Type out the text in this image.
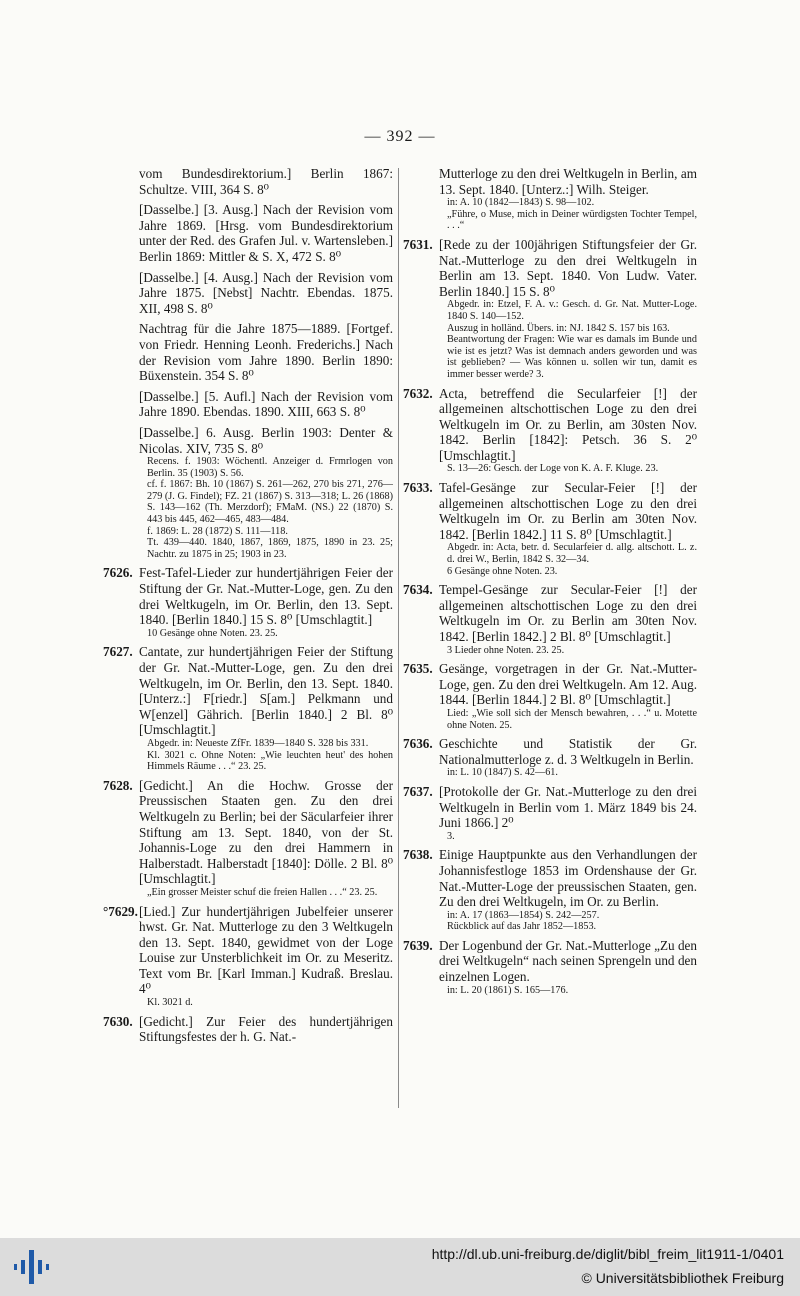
— 392 —
vom Bundesdirektorium.] Berlin 1867: Schultze. VIII, 364 S. 8⁰
[Dasselbe.] [3. Ausg.] Nach der Revision vom Jahre 1869. [Hrsg. vom Bundesdirektorium unter der Red. des Grafen Jul. v. Wartensleben.] Berlin 1869: Mittler & S. X, 472 S. 8⁰
[Dasselbe.] [4. Ausg.] Nach der Revision vom Jahre 1875. [Nebst] Nachtr. Ebendas. 1875. XII, 498 S. 8⁰
Nachtrag für die Jahre 1875—1889. [Fortgef. von Friedr. Henning Leonh. Frederichs.] Nach der Revision vom Jahre 1890. Berlin 1890: Büxenstein. 354 S. 8⁰
[Dasselbe.] [5. Aufl.] Nach der Revision vom Jahre 1890. Ebendas. 1890. XIII, 663 S. 8⁰
[Dasselbe.] 6. Ausg. Berlin 1903: Denter & Nicolas. XIV, 735 S. 8⁰
Recens. f. 1903: Wöchentl. Anzeiger d. Frmrlogen von Berlin. 35 (1903) S. 56.
cf. f. 1867: Bh. 10 (1867) S. 261—262, 270 bis 271, 276—279 (J. G. Findel); FZ. 21 (1867) S. 313—318; L. 26 (1868) S. 143—162 (Th. Merzdorf); FMaM. (NS.) 22 (1870) S. 443 bis 445, 462—465, 483—484.
f. 1869: L. 28 (1872) S. 111—118.
Tt. 439—440. 1840, 1867, 1869, 1875, 1890 in 23. 25; Nachtr. zu 1875 in 25; 1903 in 23.
7626. Fest-Tafel-Lieder zur hundertjährigen Feier der Stiftung der Gr. Nat.-Mutter-Loge, gen. Zu den drei Weltkugeln, im Or. Berlin, den 13. Sept. 1840. [Berlin 1840.] 15 S. 8⁰ [Umschlagtit.]
10 Gesänge ohne Noten. 23. 25.
7627. Cantate, zur hundertjährigen Feier der Stiftung der Gr. Nat.-Mutter-Loge, gen. Zu den drei Weltkugeln, im Or. Berlin, den 13. Sept. 1840. [Unterz.:] F[riedr.] S[am.] Pelkmann und W[enzel] Gährich. [Berlin 1840.] 2 Bl. 8⁰ [Umschlagtit.]
Abgedr. in: Neueste ZfFr. 1839—1840 S. 328 bis 331.
Kl. 3021 c. Ohne Noten: „Wie leuchten heut' des hohen Himmels Räume . . .“ 23. 25.
7628. [Gedicht.] An die Hochw. Grosse der Preussischen Staaten gen. Zu den drei Weltkugeln zu Berlin; bei der Säcularfeier ihrer Stiftung am 13. Sept. 1840, von der St. Johannis-Loge zu den drei Hammern in Halberstadt. Halberstadt [1840]: Dölle. 2 Bl. 8⁰ [Umschlagtit.]
„Ein grosser Meister schuf die freien Hallen . . .“ 23. 25.
°7629. [Lied.] Zur hundertjährigen Jubelfeier unserer hwst. Gr. Nat. Mutterloge zu den 3 Weltkugeln den 13. Sept. 1840, gewidmet von der Loge Louise zur Unsterblichkeit im Or. zu Meseritz. Text vom Br. [Karl Imman.] Kudraß. Breslau. 4⁰
Kl. 3021 d.
7630. [Gedicht.] Zur Feier des hundertjährigen Stiftungsfestes der h. G. Nat.-
Mutterloge zu den drei Weltkugeln in Berlin, am 13. Sept. 1840. [Unterz.:] Wilh. Steiger.
in: A. 10 (1842—1843) S. 98—102.
„Führe, o Muse, mich in Deiner würdigsten Tochter Tempel, . . .“
7631. [Rede zu der 100jährigen Stiftungsfeier der Gr. Nat.-Mutterloge zu den drei Weltkugeln in Berlin am 13. Sept. 1840. Von Ludw. Vater. Berlin 1840.] 15 S. 8⁰
Abgedr. in: Etzel, F. A. v.: Gesch. d. Gr. Nat. Mutter-Loge. 1840 S. 140—152.
Auszug in holländ. Übers. in: NJ. 1842 S. 157 bis 163.
Beantwortung der Fragen: Wie war es damals im Bunde und wie ist es jetzt? Was ist demnach anders geworden und was ist geblieben? — Was können u. sollen wir tun, damit es immer besser werde? 3.
7632. Acta, betreffend die Secularfeier [!] der allgemeinen altschottischen Loge zu den drei Weltkugeln im Or. zu Berlin, am 30sten Nov. 1842. Berlin [1842]: Petsch. 36 S. 2⁰ [Umschlagtit.]
S. 13—26: Gesch. der Loge von K. A. F. Kluge. 23.
7633. Tafel-Gesänge zur Secular-Feier [!] der allgemeinen altschottischen Loge zu den drei Weltkugeln im Or. zu Berlin am 30ten Nov. 1842. [Berlin 1842.] 11 S. 8⁰ [Umschlagtit.]
Abgedr. in: Acta, betr. d. Secularfeier d. allg. altschott. L. z. d. drei W., Berlin, 1842 S. 32—34.
6 Gesänge ohne Noten. 23.
7634. Tempel-Gesänge zur Secular-Feier [!] der allgemeinen altschottischen Loge zu den drei Weltkugeln im Or. zu Berlin am 30ten Nov. 1842. [Berlin 1842.] 2 Bl. 8⁰ [Umschlagtit.]
3 Lieder ohne Noten. 23. 25.
7635. Gesänge, vorgetragen in der Gr. Nat.-Mutter-Loge, gen. Zu den drei Weltkugeln. Am 12. Aug. 1844. [Berlin 1844.] 2 Bl. 8⁰ [Umschlagtit.]
Lied: „Wie soll sich der Mensch bewahren, . . .“ u. Motette ohne Noten. 25.
7636. Geschichte und Statistik der Gr. Nationalmutterloge z. d. 3 Weltkugeln in Berlin.
in: L. 10 (1847) S. 42—61.
7637. [Protokolle der Gr. Nat.-Mutterloge zu den drei Weltkugeln in Berlin vom 1. März 1849 bis 24. Juni 1866.] 2⁰
3.
7638. Einige Hauptpunkte aus den Verhandlungen der Johannisfestloge 1853 im Ordenshause der Gr. Nat.-Mutter-Loge der preussischen Staaten, gen. Zu den drei Weltkugeln, im Or. zu Berlin.
in: A. 17 (1863—1854) S. 242—257.
Rückblick auf das Jahr 1852—1853.
7639. Der Logenbund der Gr. Nat.-Mutterloge „Zu den drei Weltkugeln“ nach seinen Sprengeln und den einzelnen Logen.
in: L. 20 (1861) S. 165—176.
http://dl.ub.uni-freiburg.de/diglit/bibl_freim_lit1911-1/0401
© Universitätsbibliothek Freiburg
